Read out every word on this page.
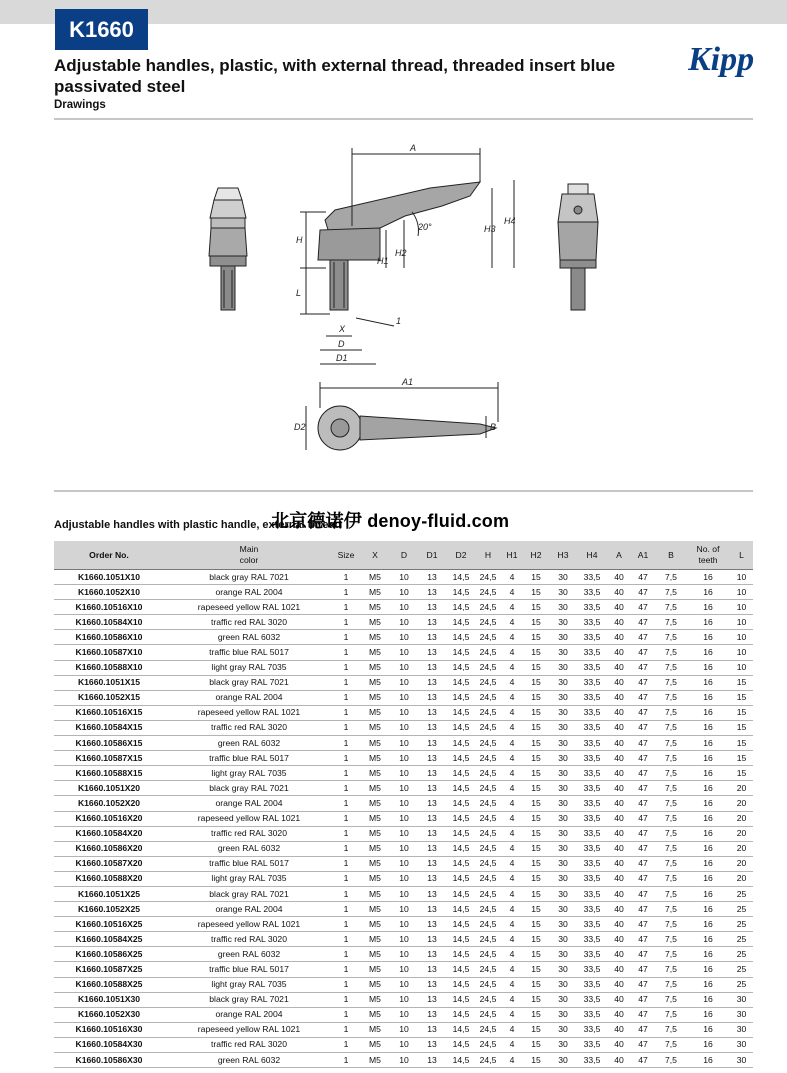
K1660
Adjustable handles, plastic, with external thread, threaded insert blue passivated steel
Drawings
Kipp
A
H
L
H1
H2
H3
H4
X
D
D1
1
20°
A1
D2	B
Adjustable handles with plastic handle, external thread
北京德诺伊 denoy-fluid.com
Order No.	Main
color	Size	X	D	D1	D2	H	H1	H2	H3	H4	A	A1	B	No. of
teeth	L
K1660.1051X10	black gray RAL 7021	1	M5	10	13	14,5	24,5	4	15	30	33,5	40	47	7,5	16	10
K1660.1052X10	orange RAL 2004	1	M5	10	13	14,5	24,5	4	15	30	33,5	40	47	7,5	16	10
K1660.10516X10	rapeseed yellow RAL 1021	1	M5	10	13	14,5	24,5	4	15	30	33,5	40	47	7,5	16	10
K1660.10584X10	traffic red RAL 3020	1	M5	10	13	14,5	24,5	4	15	30	33,5	40	47	7,5	16	10
K1660.10586X10	green RAL 6032	1	M5	10	13	14,5	24,5	4	15	30	33,5	40	47	7,5	16	10
K1660.10587X10	traffic blue RAL 5017	1	M5	10	13	14,5	24,5	4	15	30	33,5	40	47	7,5	16	10
K1660.10588X10	light gray RAL 7035	1	M5	10	13	14,5	24,5	4	15	30	33,5	40	47	7,5	16	10
K1660.1051X15	black gray RAL 7021	1	M5	10	13	14,5	24,5	4	15	30	33,5	40	47	7,5	16	15
K1660.1052X15	orange RAL 2004	1	M5	10	13	14,5	24,5	4	15	30	33,5	40	47	7,5	16	15
K1660.10516X15	rapeseed yellow RAL 1021	1	M5	10	13	14,5	24,5	4	15	30	33,5	40	47	7,5	16	15
K1660.10584X15	traffic red RAL 3020	1	M5	10	13	14,5	24,5	4	15	30	33,5	40	47	7,5	16	15
K1660.10586X15	green RAL 6032	1	M5	10	13	14,5	24,5	4	15	30	33,5	40	47	7,5	16	15
K1660.10587X15	traffic blue RAL 5017	1	M5	10	13	14,5	24,5	4	15	30	33,5	40	47	7,5	16	15
K1660.10588X15	light gray RAL 7035	1	M5	10	13	14,5	24,5	4	15	30	33,5	40	47	7,5	16	15
K1660.1051X20	black gray RAL 7021	1	M5	10	13	14,5	24,5	4	15	30	33,5	40	47	7,5	16	20
K1660.1052X20	orange RAL 2004	1	M5	10	13	14,5	24,5	4	15	30	33,5	40	47	7,5	16	20
K1660.10516X20	rapeseed yellow RAL 1021	1	M5	10	13	14,5	24,5	4	15	30	33,5	40	47	7,5	16	20
K1660.10584X20	traffic red RAL 3020	1	M5	10	13	14,5	24,5	4	15	30	33,5	40	47	7,5	16	20
K1660.10586X20	green RAL 6032	1	M5	10	13	14,5	24,5	4	15	30	33,5	40	47	7,5	16	20
K1660.10587X20	traffic blue RAL 5017	1	M5	10	13	14,5	24,5	4	15	30	33,5	40	47	7,5	16	20
K1660.10588X20	light gray RAL 7035	1	M5	10	13	14,5	24,5	4	15	30	33,5	40	47	7,5	16	20
K1660.1051X25	black gray RAL 7021	1	M5	10	13	14,5	24,5	4	15	30	33,5	40	47	7,5	16	25
K1660.1052X25	orange RAL 2004	1	M5	10	13	14,5	24,5	4	15	30	33,5	40	47	7,5	16	25
K1660.10516X25	rapeseed yellow RAL 1021	1	M5	10	13	14,5	24,5	4	15	30	33,5	40	47	7,5	16	25
K1660.10584X25	traffic red RAL 3020	1	M5	10	13	14,5	24,5	4	15	30	33,5	40	47	7,5	16	25
K1660.10586X25	green RAL 6032	1	M5	10	13	14,5	24,5	4	15	30	33,5	40	47	7,5	16	25
K1660.10587X25	traffic blue RAL 5017	1	M5	10	13	14,5	24,5	4	15	30	33,5	40	47	7,5	16	25
K1660.10588X25	light gray RAL 7035	1	M5	10	13	14,5	24,5	4	15	30	33,5	40	47	7,5	16	25
K1660.1051X30	black gray RAL 7021	1	M5	10	13	14,5	24,5	4	15	30	33,5	40	47	7,5	16	30
K1660.1052X30	orange RAL 2004	1	M5	10	13	14,5	24,5	4	15	30	33,5	40	47	7,5	16	30
K1660.10516X30	rapeseed yellow RAL 1021	1	M5	10	13	14,5	24,5	4	15	30	33,5	40	47	7,5	16	30
K1660.10584X30	traffic red RAL 3020	1	M5	10	13	14,5	24,5	4	15	30	33,5	40	47	7,5	16	30
K1660.10586X30	green RAL 6032	1	M5	10	13	14,5	24,5	4	15	30	33,5	40	47	7,5	16	30
